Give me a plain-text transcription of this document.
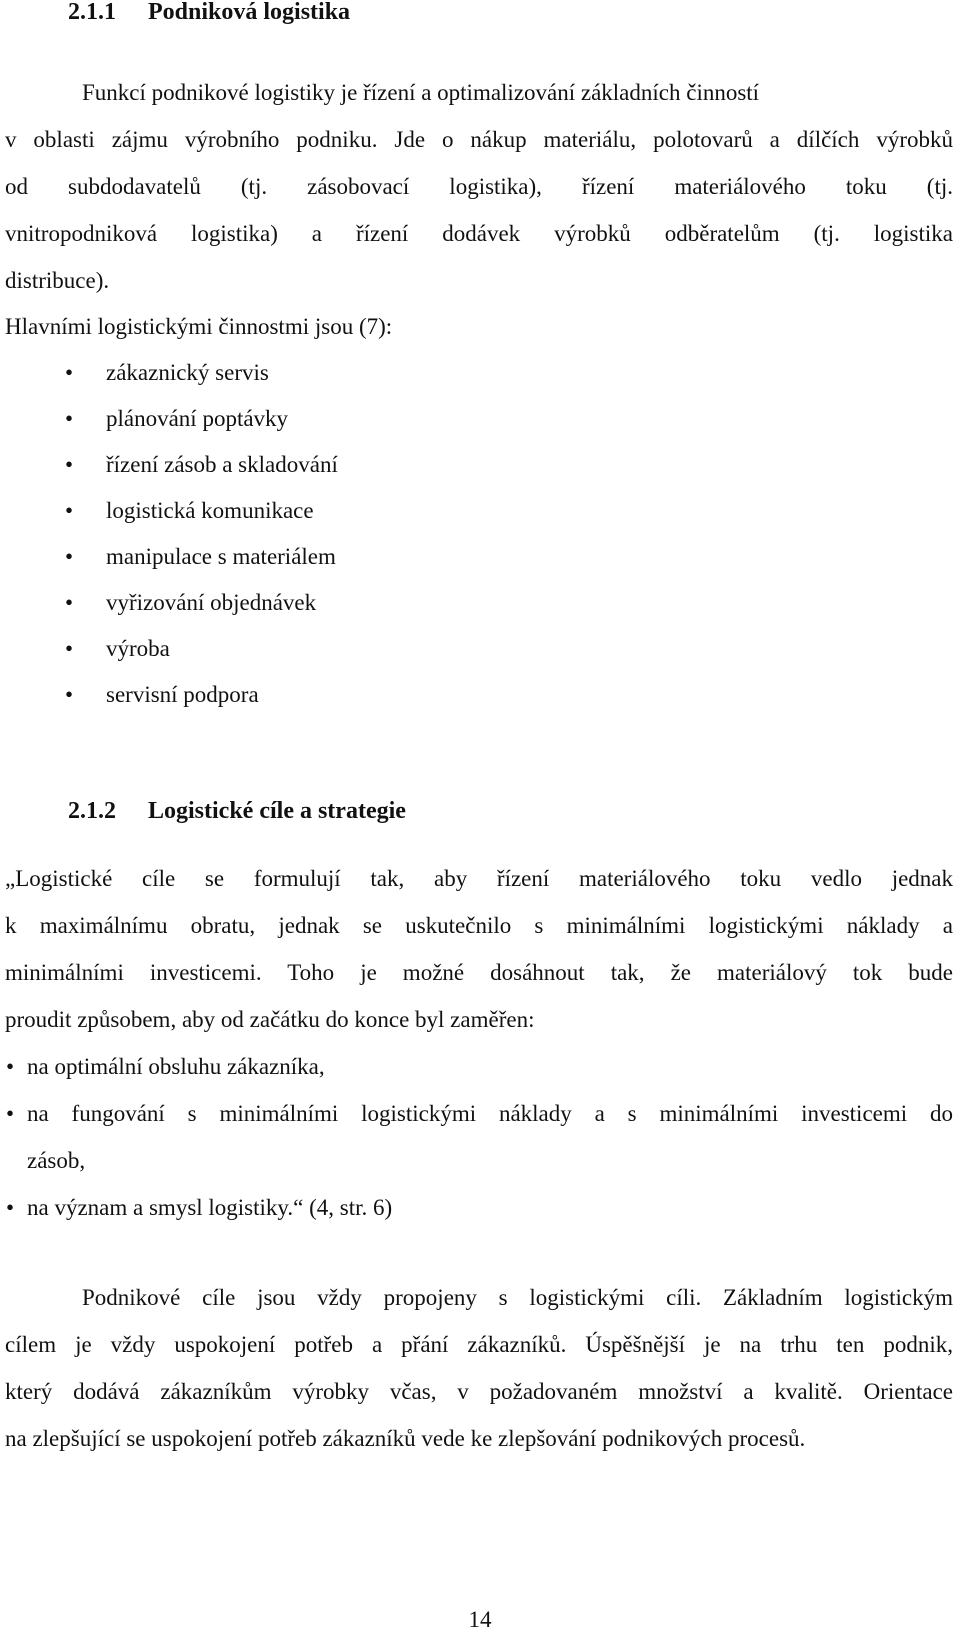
2.1.1 Podniková logistika
Funkcí podnikové logistiky je řízení a optimalizování základních činností
v oblasti zájmu výrobního podniku. Jde o nákup materiálu, polotovarů a dílčích výrobků
od subdodavatelů (tj. zásobovací logistika), řízení materiálového toku (tj.
vnitropodniková logistika) a řízení dodávek výrobků odběratelům (tj. logistika
distribuce).
Hlavními logistickými činnostmi jsou (7):
• zákaznický servis
• plánování poptávky
• řízení zásob a skladování
• logistická komunikace
• manipulace s materiálem
• vyřizování objednávek
• výroba
• servisní podpora
2.1.2 Logistické cíle a strategie
„Logistické cíle se formulují tak, aby řízení materiálového toku vedlo jednak
k maximálnímu obratu, jednak se uskutečnilo s minimálními logistickými náklady a
minimálními investicemi. Toho je možné dosáhnout tak, že materiálový tok bude
proudit způsobem, aby od začátku do konce byl zaměřen:
• na optimální obsluhu zákazníka,
• na fungování s minimálními logistickými náklady a s minimálními investicemi do
zásob,
• na význam a smysl logistiky.“ (4, str. 6)
Podnikové cíle jsou vždy propojeny s logistickými cíli. Základním logistickým
cílem je vždy uspokojení potřeb a přání zákazníků. Úspěšnější je na trhu ten podnik,
který dodává zákazníkům výrobky včas, v požadovaném množství a kvalitě. Orientace
na zlepšující se uspokojení potřeb zákazníků vede ke zlepšování podnikových procesů.
14
